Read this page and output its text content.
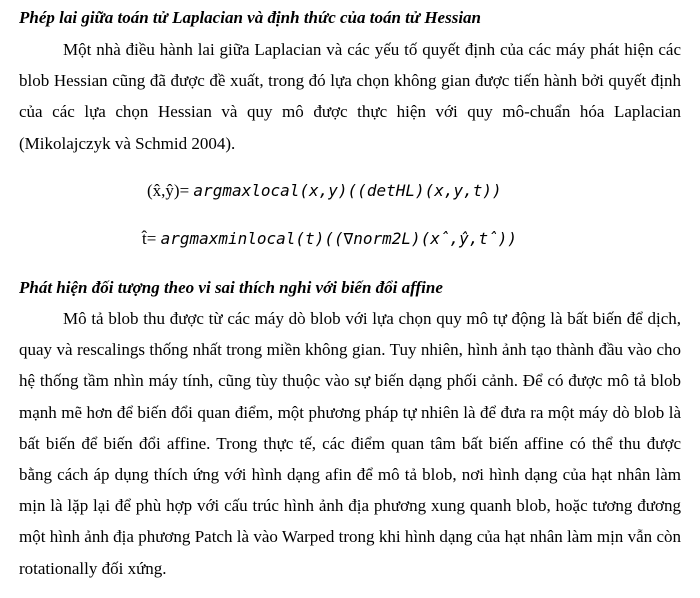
Phép lai giữa toán tử Laplacian và định thức của toán tử Hessian

Một nhà điều hành lai giữa Laplacian và các yếu tố quyết định của các máy phát hiện các blob Hessian cũng đã được đề xuất, trong đó lựa chọn không gian được tiến hành bởi quyết định của các lựa chọn Hessian và quy mô được thực hiện với quy mô-chuẩn hóa Laplacian (Mikolajczyk và Schmid 2004).

(x̂,ŷ)= argmaxlocal(x,y)((detHL)(x,y,t))
t̂= argmaxminlocal(t)((∇norm2L)(x̂,ŷ,t̂))
Phát hiện đối tượng theo vi sai thích nghi với biến đổi affine

Mô tả blob thu được từ các máy dò blob với lựa chọn quy mô tự động là bất biến để dịch, quay và rescalings thống nhất trong miền không gian. Tuy nhiên, hình ảnh tạo thành đầu vào cho hệ thống tầm nhìn máy tính, cũng tùy thuộc vào sự biến dạng phối cảnh. Để có được mô tả blob mạnh mẽ hơn để biến đổi quan điểm, một phương pháp tự nhiên là để đưa ra một máy dò blob là bất biến để biến đổi affine. Trong thực tế, các điểm quan tâm bất biến affine có thể thu được bằng cách áp dụng thích ứng với hình dạng afin để mô tả blob, nơi hình dạng của hạt nhân làm mịn là lặp lại để phù hợp với cấu trúc hình ảnh địa phương xung quanh blob, hoặc tương đương một hình ảnh địa phương Patch là vào Warped trong khi hình dạng của hạt nhân làm mịn vẫn còn rotationally đối xứng.
